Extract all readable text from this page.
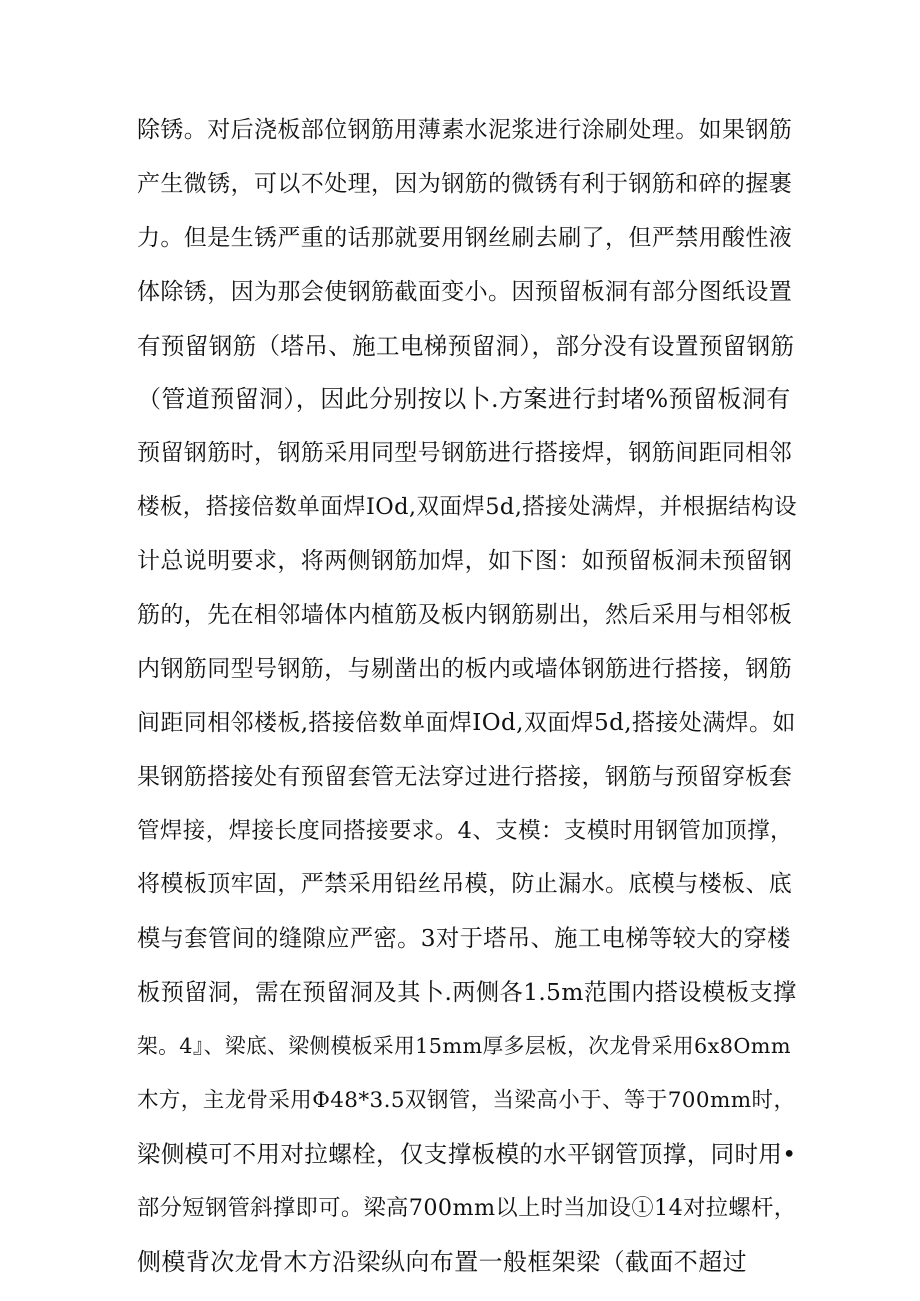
除锈。对后浇板部位钢筋用薄素水泥浆进行涂刷处理。如果钢筋
产生微锈，可以不处理，因为钢筋的微锈有利于钢筋和碎的握裹
力。但是生锈严重的话那就要用钢丝刷去刷了，但严禁用酸性液
体除锈，因为那会使钢筋截面变小。因预留板洞有部分图纸设置
有预留钢筋（塔吊、施工电梯预留洞），部分没有设置预留钢筋
（管道预留洞），因此分别按以卜.方案进行封堵%预留板洞有
预留钢筋时，钢筋采用同型号钢筋进行搭接焊，钢筋间距同相邻
楼板，搭接倍数单面焊IOd,双面焊5d,搭接处满焊，并根据结构设
计总说明要求，将两侧钢筋加焊，如下图：如预留板洞未预留钢
筋的，先在相邻墙体内植筋及板内钢筋剔出，然后采用与相邻板
内钢筋同型号钢筋，与剔凿出的板内或墙体钢筋进行搭接，钢筋
间距同相邻楼板,搭接倍数单面焊IOd,双面焊5d,搭接处满焊。如
果钢筋搭接处有预留套管无法穿过进行搭接，钢筋与预留穿板套
管焊接，焊接长度同搭接要求。4、支模：支模时用钢管加顶撑，
将模板顶牢固，严禁采用铅丝吊模，防止漏水。底模与楼板、底
模与套管间的缝隙应严密。3对于塔吊、施工电梯等较大的穿楼
板预留洞，需在预留洞及其卜.两侧各1.5m范围内搭设模板支撑
架。4』、梁底、梁侧模板采用15mm厚多层板，次龙骨采用6x8Omm
木方，主龙骨采用Φ48*3.5双钢管，当梁高小于、等于700mm时，
梁侧模可不用对拉螺栓，仅支撑板模的水平钢管顶撑，同时用•
部分短钢管斜撑即可。梁高700mm以上时当加设①14对拉螺杆，
侧模背次龙骨木方沿梁纵向布置一般框架梁（截面不超过
